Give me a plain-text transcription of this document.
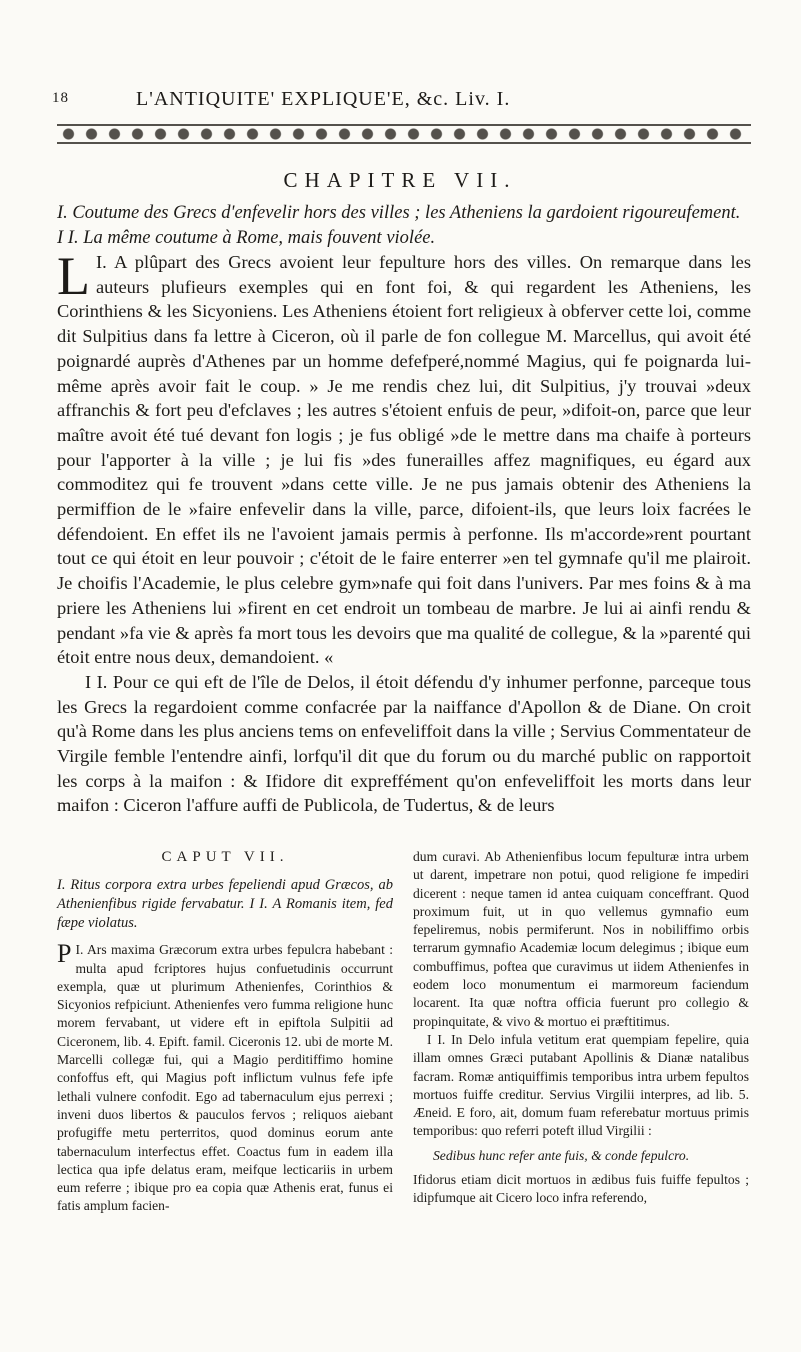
18	L'ANTIQUITE' EXPLIQUE'E, &c. Liv. I.
CHAPITRE VII.
I. Coutume des Grecs d'enfevelir hors des villes ; les Atheniens la gardoient rigoureufement. I I. La même coutume à Rome, mais fouvent violée.

L I. A plûpart des Grecs avoient leur fepulture hors des villes. On remarque dans les auteurs plufieurs exemples qui en font foi, & qui regardent les Atheniens, les Corinthiens & les Sicyoniens. Les Atheniens étoient fort religieux à obferver cette loi, comme dit Sulpitius dans fa lettre à Ciceron, où il parle de fon collegue M. Marcellus, qui avoit été poignardé auprès d'Athenes par un homme defefperé,nommé Magius, qui fe poignarda lui-même après avoir fait le coup. » Je me rendis chez lui, dit Sulpitius, j'y trouvai »deux affranchis & fort peu d'efclaves ; les autres s'étoient enfuis de peur, »difoit-on, parce que leur maître avoit été tué devant fon logis ; je fus obligé »de le mettre dans ma chaife à porteurs pour l'apporter à la ville ; je lui fis »des funerailles affez magnifiques, eu égard aux commoditez qui fe trouvent »dans cette ville. Je ne pus jamais obtenir des Atheniens la permiffion de le »faire enfevelir dans la ville, parce, difoient-ils, que leurs loix facrées le défendoient. En effet ils ne l'avoient jamais permis à perfonne. Ils m'accorde»rent pourtant tout ce qui étoit en leur pouvoir ; c'étoit de le faire enterrer »en tel gymnafe qu'il me plairoit. Je choifis l'Academie, le plus celebre gym»nafe qui foit dans l'univers. Par mes foins & à ma priere les Atheniens lui »firent en cet endroit un tombeau de marbre. Je lui ai ainfi rendu & pendant »fa vie & après fa mort tous les devoirs que ma qualité de collegue, & la »parenté qui étoit entre nous deux, demandoient. «

I I. Pour ce qui eft de l'île de Delos, il étoit défendu d'y inhumer perfonne, parceque tous les Grecs la regardoient comme confacrée par la naiffance d'Apollon & de Diane. On croit qu'à Rome dans les plus anciens tems on enfeveliffoit dans la ville ; Servius Commentateur de Virgile femble l'entendre ainfi, lorfqu'il dit que du forum ou du marché public on rapportoit les corps à la maifon : & Ifidore dit expreffément qu'on enfeveliffoit les morts dans leur maifon : Ciceron l'affure auffi de Publicola, de Tudertus, & de leurs

CAPUT VII.

I. Ritus corpora extra urbes fepeliendi apud Græcos, ab Athenienfibus rigide fervabatur. I I. A Romanis item, fed fæpe violatus.

P I. Ars maxima Græcorum extra urbes fepulcra habebant : multa apud fcriptores hujus confuetudinis occurrunt exempla, quæ ut plurimum Athenienfes, Corinthios & Sicyonios refpiciunt. Athenienfes vero fumma religione hunc morem fervabant, ut videre eft in epiftola Sulpitii ad Ciceronem, lib. 4. Epift. famil. Ciceronis 12. ubi de morte M. Marcelli collegæ fui, qui a Magio perditiffimo homine confoffus eft, qui Magius poft inflictum vulnus fefe ipfe lethali vulnere confodit. Ego ad tabernaculum ejus perrexi ; inveni duos libertos & pauculos fervos ; reliquos aiebant profugiffe metu perterritos, quod dominus eorum ante tabernaculum interfectus effet. Coactus fum in eadem illa lectica qua ipfe delatus eram, meifque lecticariis in urbem eum referre ; ibique pro ea copia quæ Athenis erat, funus ei fatis amplum facien-

dum curavi. Ab Athenienfibus locum fepulturæ intra urbem ut darent, impetrare non potui, quod religione fe impediri dicerent : neque tamen id antea cuiquam conceffrant. Quod proximum fuit, ut in quo vellemus gymnafio eum fepeliremus, nobis permiferunt. Nos in nobiliffimo orbis terrarum gymnafio Academiæ locum delegimus ; ibique eum combuffimus, poftea que curavimus ut iidem Athenienfes in eodem loco monumentum ei marmoreum faciendum locarent. Ita quæ noftra officia fuerunt pro collegio & propinquitate, & vivo & mortuo ei præftitimus.

I I. In Delo infula vetitum erat quempiam fepelire, quia illam omnes Græci putabant Apollinis & Dianæ natalibus facram. Romæ antiquiffimis temporibus intra urbem fepultos mortuos fuiffe creditur. Servius Virgilii interpres, ad lib. 5. Æneid. E foro, ait, domum fuam referebatur mortuus primis temporibus: quo referri poteft illud Virgilii :

Sedibus hunc refer ante fuis, & conde fepulcro.

Ifidorus etiam dicit mortuos in ædibus fuis fuiffe fepultos ; idipfumque ait Cicero loco infra referendo,
